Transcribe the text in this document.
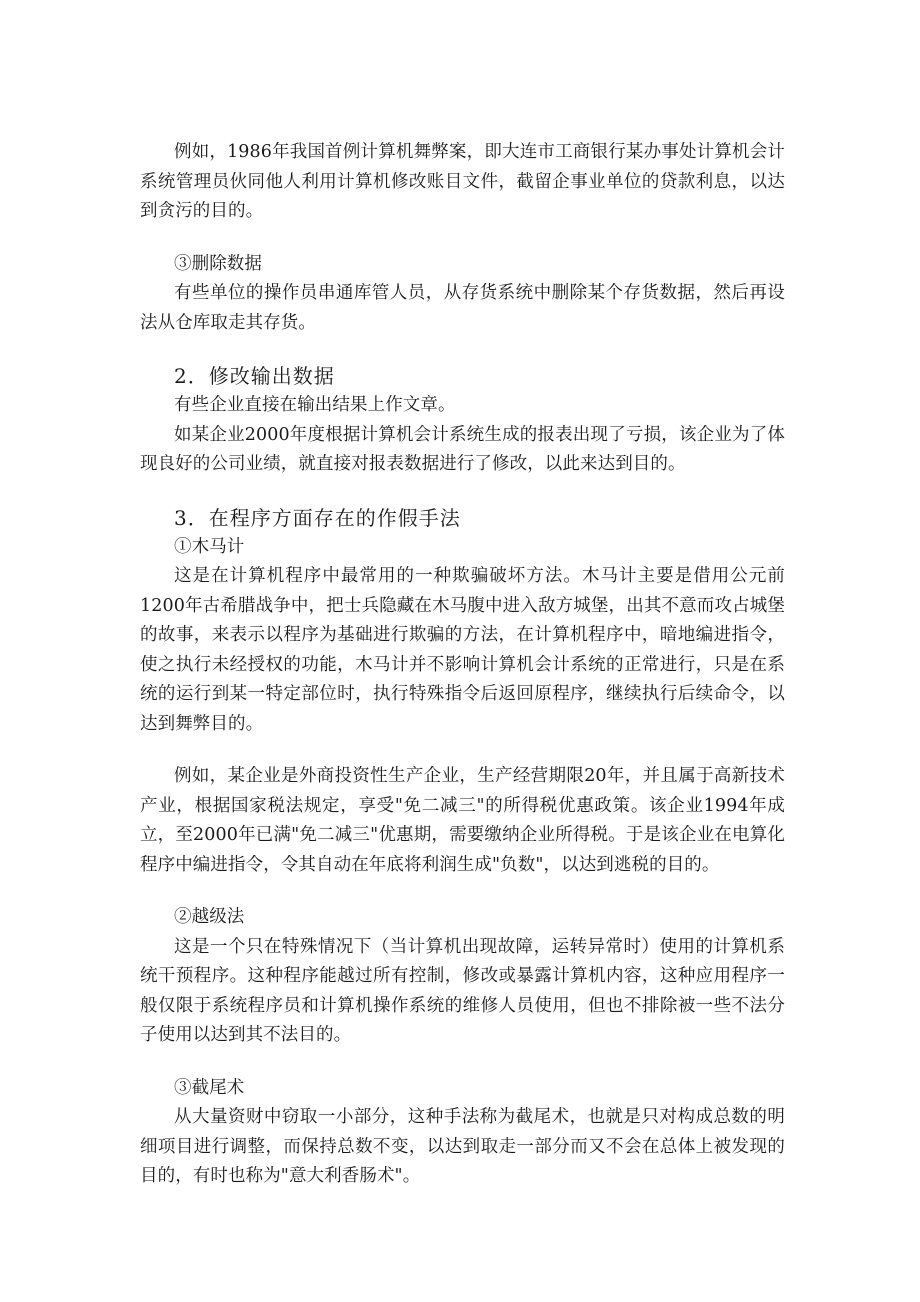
例如，1986年我国首例计算机舞弊案，即大连市工商银行某办事处计算机会计系统管理员伙同他人利用计算机修改账目文件，截留企事业单位的贷款利息，以达到贪污的目的。

③删除数据

有些单位的操作员串通库管人员，从存货系统中删除某个存货数据，然后再设法从仓库取走其存货。

2．修改输出数据

有些企业直接在输出结果上作文章。

如某企业2000年度根据计算机会计系统生成的报表出现了亏损，该企业为了体现良好的公司业绩，就直接对报表数据进行了修改，以此来达到目的。

3．在程序方面存在的作假手法

①木马计

这是在计算机程序中最常用的一种欺骗破坏方法。木马计主要是借用公元前1200年古希腊战争中，把士兵隐藏在木马腹中进入敌方城堡，出其不意而攻占城堡的故事，来表示以程序为基础进行欺骗的方法，在计算机程序中，暗地编进指令，使之执行未经授权的功能，木马计并不影响计算机会计系统的正常进行，只是在系统的运行到某一特定部位时，执行特殊指令后返回原程序，继续执行后续命令，以达到舞弊目的。

例如，某企业是外商投资性生产企业，生产经营期限20年，并且属于高新技术产业，根据国家税法规定，享受"免二减三"的所得税优惠政策。该企业1994年成立，至2000年已满"免二减三"优惠期，需要缴纳企业所得税。于是该企业在电算化程序中编进指令，令其自动在年底将利润生成"负数"，以达到逃税的目的。

②越级法

这是一个只在特殊情况下（当计算机出现故障，运转异常时）使用的计算机系统干预程序。这种程序能越过所有控制，修改或暴露计算机内容，这种应用程序一般仅限于系统程序员和计算机操作系统的维修人员使用，但也不排除被一些不法分子使用以达到其不法目的。

③截尾术

从大量资财中窃取一小部分，这种手法称为截尾术，也就是只对构成总数的明细项目进行调整，而保持总数不变，以达到取走一部分而又不会在总体上被发现的目的，有时也称为"意大利香肠术"。
